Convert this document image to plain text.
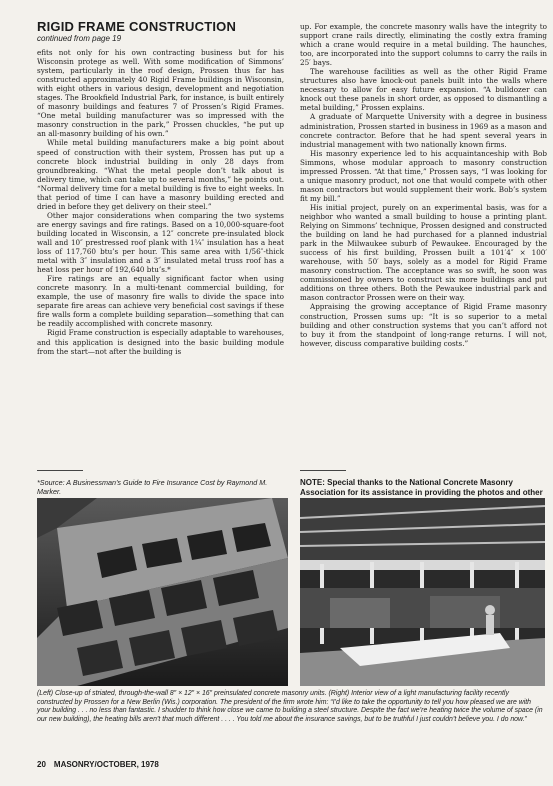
RIGID FRAME CONSTRUCTION
continued from page 19

efits not only for his own contracting business but for his Wisconsin protege as well. With some modification of Simmons’ system, particularly in the roof design, Prossen thus far has constructed approximately 40 Rigid Frame buildings in Wisconsin, with eight others in various design, development and negotiation stages. The Brookfield Industrial Park, for instance, is built entirely of masonry buildings and features 7 of Prossen’s Rigid Frames. “One metal building manufacturer was so impressed with the masonry construction in the park,” Prossen chuckles, “he put up an all-masonry building of his own.”

While metal building manufacturers make a big point about speed of construction with their system, Prossen has put up a concrete block industrial building in only 28 days from groundbreaking. “What the metal people don’t talk about is delivery time, which can take up to several months,” he points out. “Normal delivery time for a metal building is five to eight weeks. In that period of time I can have a masonry building erected and dried in before they get delivery on their steel.”

Other major considerations when comparing the two systems are energy savings and fire ratings. Based on a 10,000-square-foot building located in Wisconsin, a 12″ concrete pre-insulated block wall and 10″ prestressed roof plank with 1¼″ insulation has a heat loss of 117,760 btu’s per hour. This same area with 1/56″-thick metal with 3″ insulation and a 3″ insulated metal truss roof has a heat loss per hour of 192,640 btu’s.*

Fire ratings are an equally significant factor when using concrete masonry. In a multi-tenant commercial building, for example, the use of masonry fire walls to divide the space into separate fire areas can achieve very beneficial cost savings if these fire walls form a complete building separation—something that can be readily accomplished with concrete masonry.

Rigid Frame construction is especially adaptable to warehouses, and this application is designed into the basic building module from the start—not after the building is

up. For example, the concrete masonry walls have the integrity to support crane rails directly, eliminating the costly extra framing which a crane would require in a metal building. The haunches, too, are incorporated into the support columns to carry the rails in 25′ bays.

The warehouse facilities as well as the other Rigid Frame structures also have knock-out panels built into the walls where necessary to allow for easy future expansion. “A bulldozer can knock out these panels in short order, as opposed to dismantling a metal building,” Prossen explains.

A graduate of Marquette University with a degree in business administration, Prossen started in business in 1969 as a mason and concrete contractor. Before that he had spent several years in industrial management with two nationally known firms.

His masonry experience led to his acquaintanceship with Bob Simmons, whose modular approach to masonry construction impressed Prossen. “At that time,” Prossen says, “I was looking for a unique masonry product, not one that would compete with other mason contractors but would supplement their work. Bob’s system fit my bill.”

His initial project, purely on an experimental basis, was for a neighbor who wanted a small building to house a printing plant. Relying on Simmons’ technique, Prossen designed and constructed the building on land he had purchased for a planned industrial park in the Milwaukee suburb of Pewaukee. Encouraged by the success of his first building, Prossen built a 101′4″ × 100′ warehouse, with 50′ bays, solely as a model for Rigid Frame masonry construction. The acceptance was so swift, he soon was commissioned by owners to construct six more buildings and put additions on three others. Both the Pewaukee industrial park and mason contractor Prossen were on their way.

Appraising the growing acceptance of Rigid Frame masonry construction, Prossen sums up: “It is so superior to a metal building and other construction systems that you can’t afford not to buy it from the standpoint of long-range returns. I will not, however, discuss comparative building costs.”

*Source: A Businessman’s Guide to Fire Insurance Cost by Raymond M. Marker.
NOTE: Special thanks to the National Concrete Masonry Association for its assistance in providing the photos and other
(Left) Close-up of striated, through-the-wall 8″ × 12″ × 16″ preinsulated concrete masonry units. (Right) Interior view of a light manufacturing facility recently constructed by Prossen for a New Berlin (Wis.) corporation. The president of the firm wrote him: “I’d like to take the opportunity to tell you how pleased we are with your building . . . no less than fantastic. I shudder to think how close we came to building a steel structure. Despite the fact we’re heating twice the volume of space (in our new building), the heating bills aren’t that much different . . . . You told me about the insurance savings, but to be truthful I just couldn’t believe you. I do now.”
20 MASONRY/OCTOBER, 1978
